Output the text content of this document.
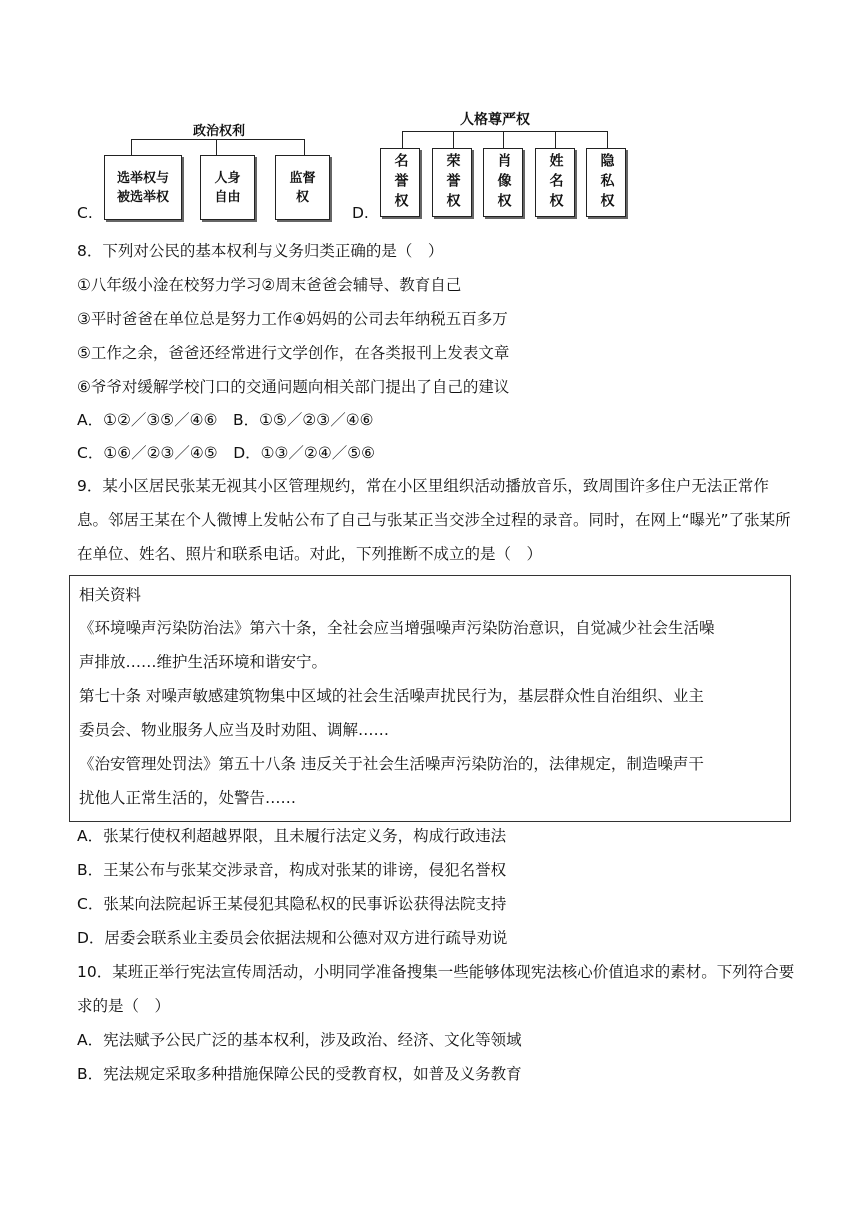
C.
政治权利
选举权与被选举权
人身自由
监督权
D.
人格尊严权
名誉权	荣誉权	肖像权	姓名权	隐私权
8．下列对公民的基本权利与义务归类正确的是（　）
①八年级小淦在校努力学习②周末爸爸会辅导、教育自己
③平时爸爸在单位总是努力工作④妈妈的公司去年纳税五百多万
⑤工作之余，爸爸还经常进行文学创作，在各类报刊上发表文章
⑥爷爷对缓解学校门口的交通问题向相关部门提出了自己的建议
A．①②／③⑤／④⑥　B．①⑤／②③／④⑥
C．①⑥／②③／④⑤　D．①③／②④／⑤⑥
9．某小区居民张某无视其小区管理规约，常在小区里组织活动播放音乐，致周围许多住户无法正常作息。邻居王某在个人微博上发帖公布了自己与张某正当交涉全过程的录音。同时，在网上“曝光”了张某所在单位、姓名、照片和联系电话。对此，下列推断不成立的是（　）
相关资料
《环境噪声污染防治法》第六十条，全社会应当增强噪声污染防治意识，自觉减少社会生活噪
声排放……维护生活环境和谐安宁。
第七十条 对噪声敏感建筑物集中区域的社会生活噪声扰民行为，基层群众性自治组织、业主
委员会、物业服务人应当及时劝阻、调解……
《治安管理处罚法》第五十八条 违反关于社会生活噪声污染防治的，法律规定，制造噪声干
扰他人正常生活的，处警告……
A．张某行使权利超越界限，且未履行法定义务，构成行政违法
B．王某公布与张某交涉录音，构成对张某的诽谤，侵犯名誉权
C．张某向法院起诉王某侵犯其隐私权的民事诉讼获得法院支持
D．居委会联系业主委员会依据法规和公德对双方进行疏导劝说
10．某班正举行宪法宣传周活动，小明同学准备搜集一些能够体现宪法核心价值追求的素材。下列符合要求的是（　）
A．宪法赋予公民广泛的基本权利，涉及政治、经济、文化等领域
B．宪法规定采取多种措施保障公民的受教育权，如普及义务教育
